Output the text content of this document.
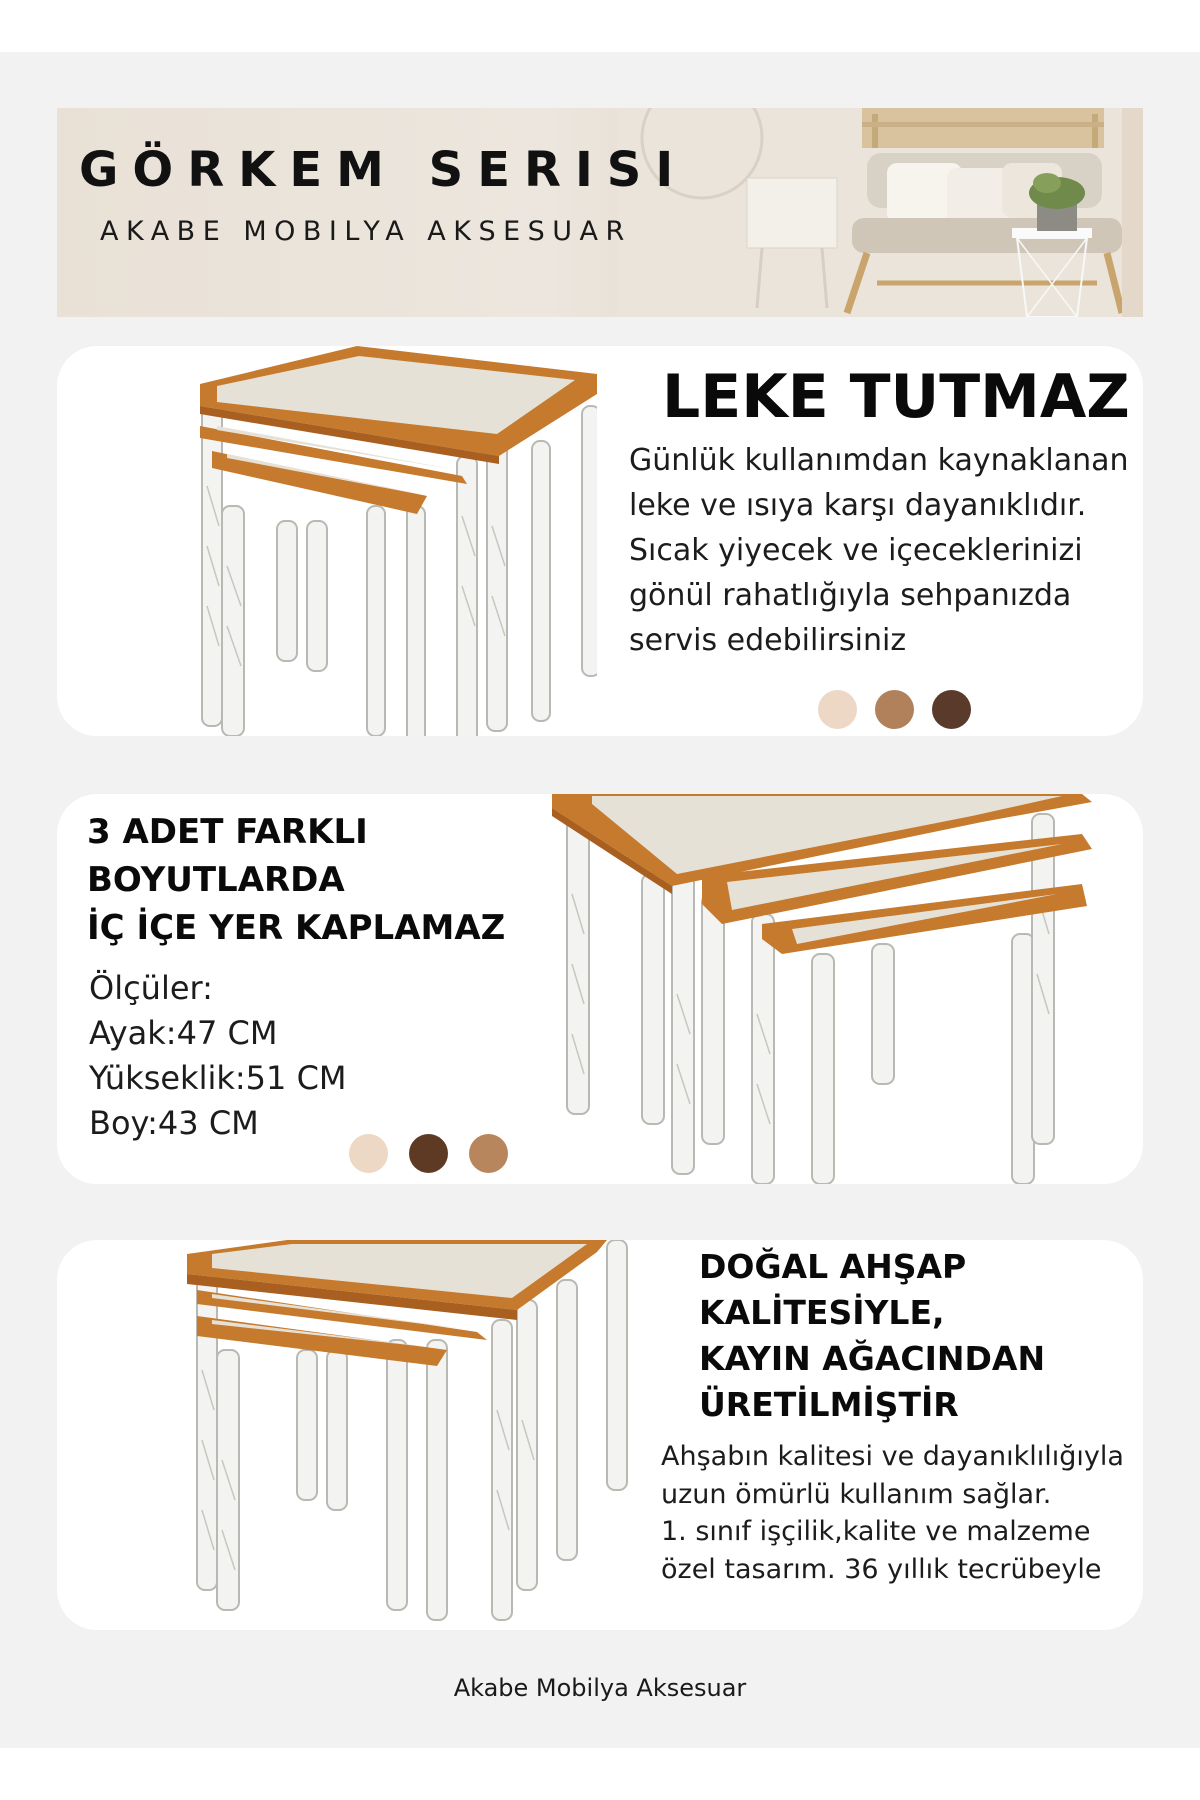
GÖRKEM SERISI
AKABE MOBILYA AKSESUAR
LEKE TUTMAZ
Günlük kullanımdan kaynaklanan leke ve ısıya karşı dayanıklıdır. Sıcak yiyecek ve içeceklerinizi gönül rahatlığıyla sehpanızda servis edebilirsiniz
3 ADET FARKLI
BOYUTLARDA
İÇ İÇE YER KAPLAMAZ
Ölçüler:
Ayak:47 CM
Yükseklik:51 CM
Boy:43 CM
DOĞAL AHŞAP
KALİTESİYLE,
KAYIN AĞACINDAN
ÜRETİLMİŞTİR
Ahşabın kalitesi ve dayanıklılığıyla
uzun ömürlü kullanım sağlar.
1. sınıf işçilik,kalite ve malzeme
özel tasarım. 36 yıllık tecrübeyle
Akabe Mobilya Aksesuar
